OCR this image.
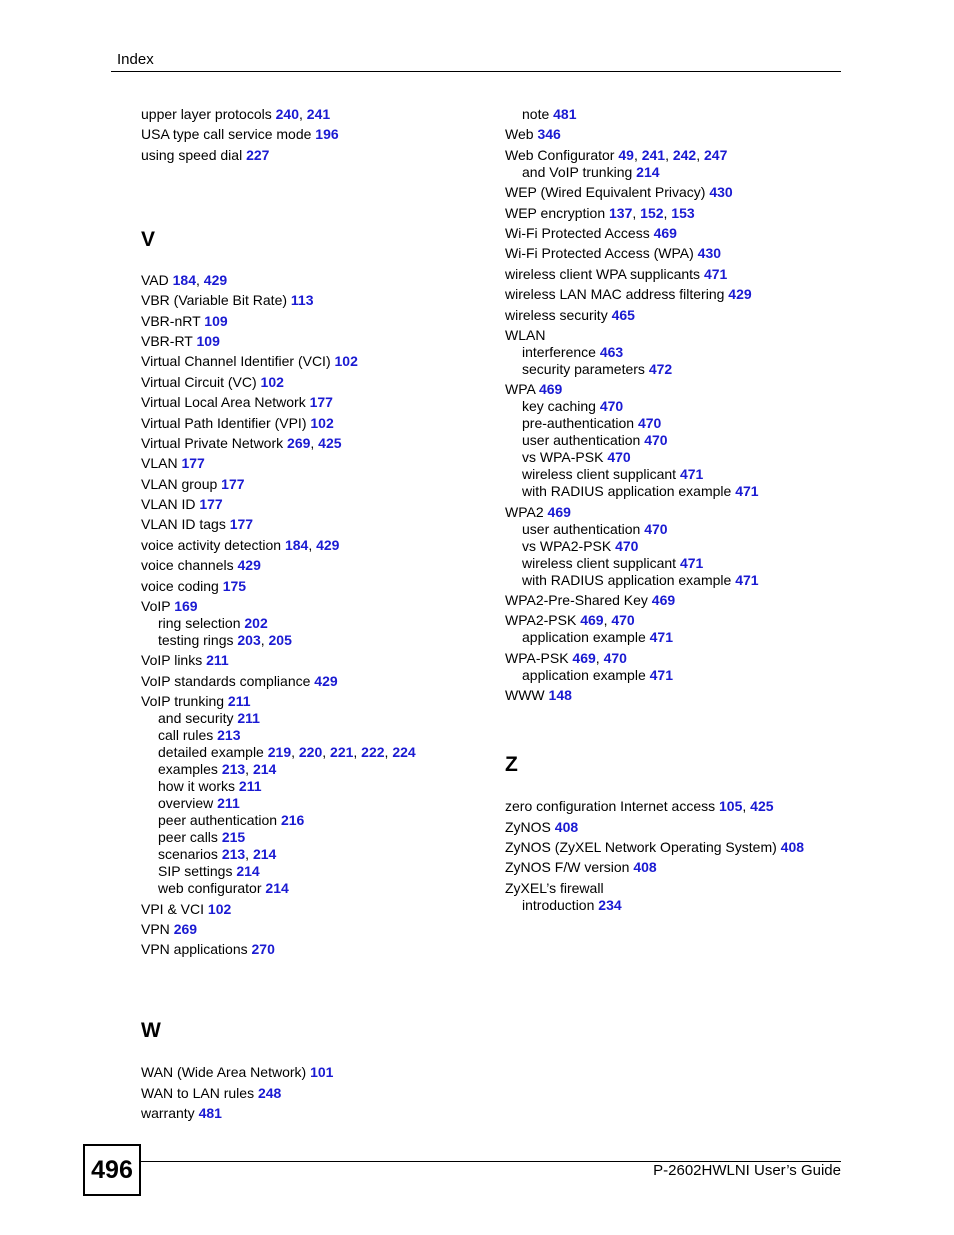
Index
upper layer protocols 240, 241
USA type call service mode 196
using speed dial 227
V
VAD 184, 429
VBR (Variable Bit Rate) 113
VBR-nRT 109
VBR-RT 109
Virtual Channel Identifier (VCI) 102
Virtual Circuit (VC) 102
Virtual Local Area Network 177
Virtual Path Identifier (VPI) 102
Virtual Private Network 269, 425
VLAN 177
VLAN group 177
VLAN ID 177
VLAN ID tags 177
voice activity detection 184, 429
voice channels 429
voice coding 175
VoIP 169
ring selection 202
testing rings 203, 205
VoIP links 211
VoIP standards compliance 429
VoIP trunking 211
and security 211
call rules 213
detailed example 219, 220, 221, 222, 224
examples 213, 214
how it works 211
overview 211
peer authentication 216
peer calls 215
scenarios 213, 214
SIP settings 214
web configurator 214
VPI & VCI 102
VPN 269
VPN applications 270
W
WAN (Wide Area Network) 101
WAN to LAN rules 248
warranty 481
note 481
Web 346
Web Configurator 49, 241, 242, 247
and VoIP trunking 214
WEP (Wired Equivalent Privacy) 430
WEP encryption 137, 152, 153
Wi-Fi Protected Access 469
Wi-Fi Protected Access (WPA) 430
wireless client WPA supplicants 471
wireless LAN MAC address filtering 429
wireless security 465
WLAN
interference 463
security parameters 472
WPA 469
key caching 470
pre-authentication 470
user authentication 470
vs WPA-PSK 470
wireless client supplicant 471
with RADIUS application example 471
WPA2 469
user authentication 470
vs WPA2-PSK 470
wireless client supplicant 471
with RADIUS application example 471
WPA2-Pre-Shared Key 469
WPA2-PSK 469, 470
application example 471
WPA-PSK 469, 470
application example 471
WWW 148
Z
zero configuration Internet access 105, 425
ZyNOS 408
ZyNOS (ZyXEL Network Operating System) 408
ZyNOS F/W version 408
ZyXEL’s firewall
introduction 234
496	P-2602HWLNI User’s Guide
